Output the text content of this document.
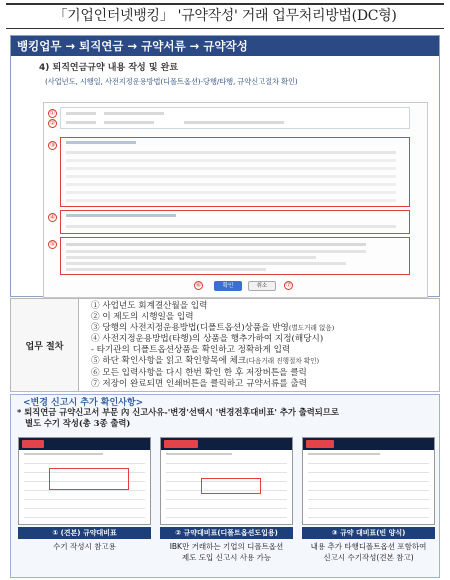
「기업인터넷뱅킹」 '규약작성' 거래 업무처리방법(DC형)
뱅킹업무 → 퇴직연금 → 규약서류 → 규약작성
4) 퇴직연금규약 내용 작성 및 완료
(사업년도, 시행일, 사전지정운용방법(디폴트옵션)-당행/타행, 규약신고절차 확인)
①
②
③
④
⑤
⑥	확인	취소	⑦
업무 절차
① 사업년도 회계결산월을 입력
② 이 제도의 시행일을 입력
③ 당행의 사전지정운용방법(디폴트옵션)상품을 반영(별도거래 없음)
④ 사전지정운용방법(타행)의 상품을 행추가하여 지정(해당시)
- 타기관의 디폴트옵션상품을 확인하고 정확하게 입력
⑤ 하단 확인사항을 읽고 확인항목에 체크(다음거래 진행절차 확인)
⑥ 모든 입력사항을 다시 한번 확인 한 후 저장버튼을 클릭
⑦ 저장이 완료되면 인쇄버튼을 클릭하고 규약서류를 출력
<변경 신고시 추가 확인사항>
* 퇴직연금 규약신고서 부문 內 신고사유-'변경'선택시 '변경전후대비표' 추가 출력되므로
별도 수기 작성(총 3종 출력)
① (견본) 규약대비표
수기 작성시 참고용
② 규약대비표(디폴트옵션도입용)
IBK만 거래하는 기업의 디폴트옵션
제도 도입 신고시 사용 가능
③ 규약 대비표(빈 양식)
내용 추가 타행디폴트옵션 포함하여
신고시 수기작성(견본 참고)
